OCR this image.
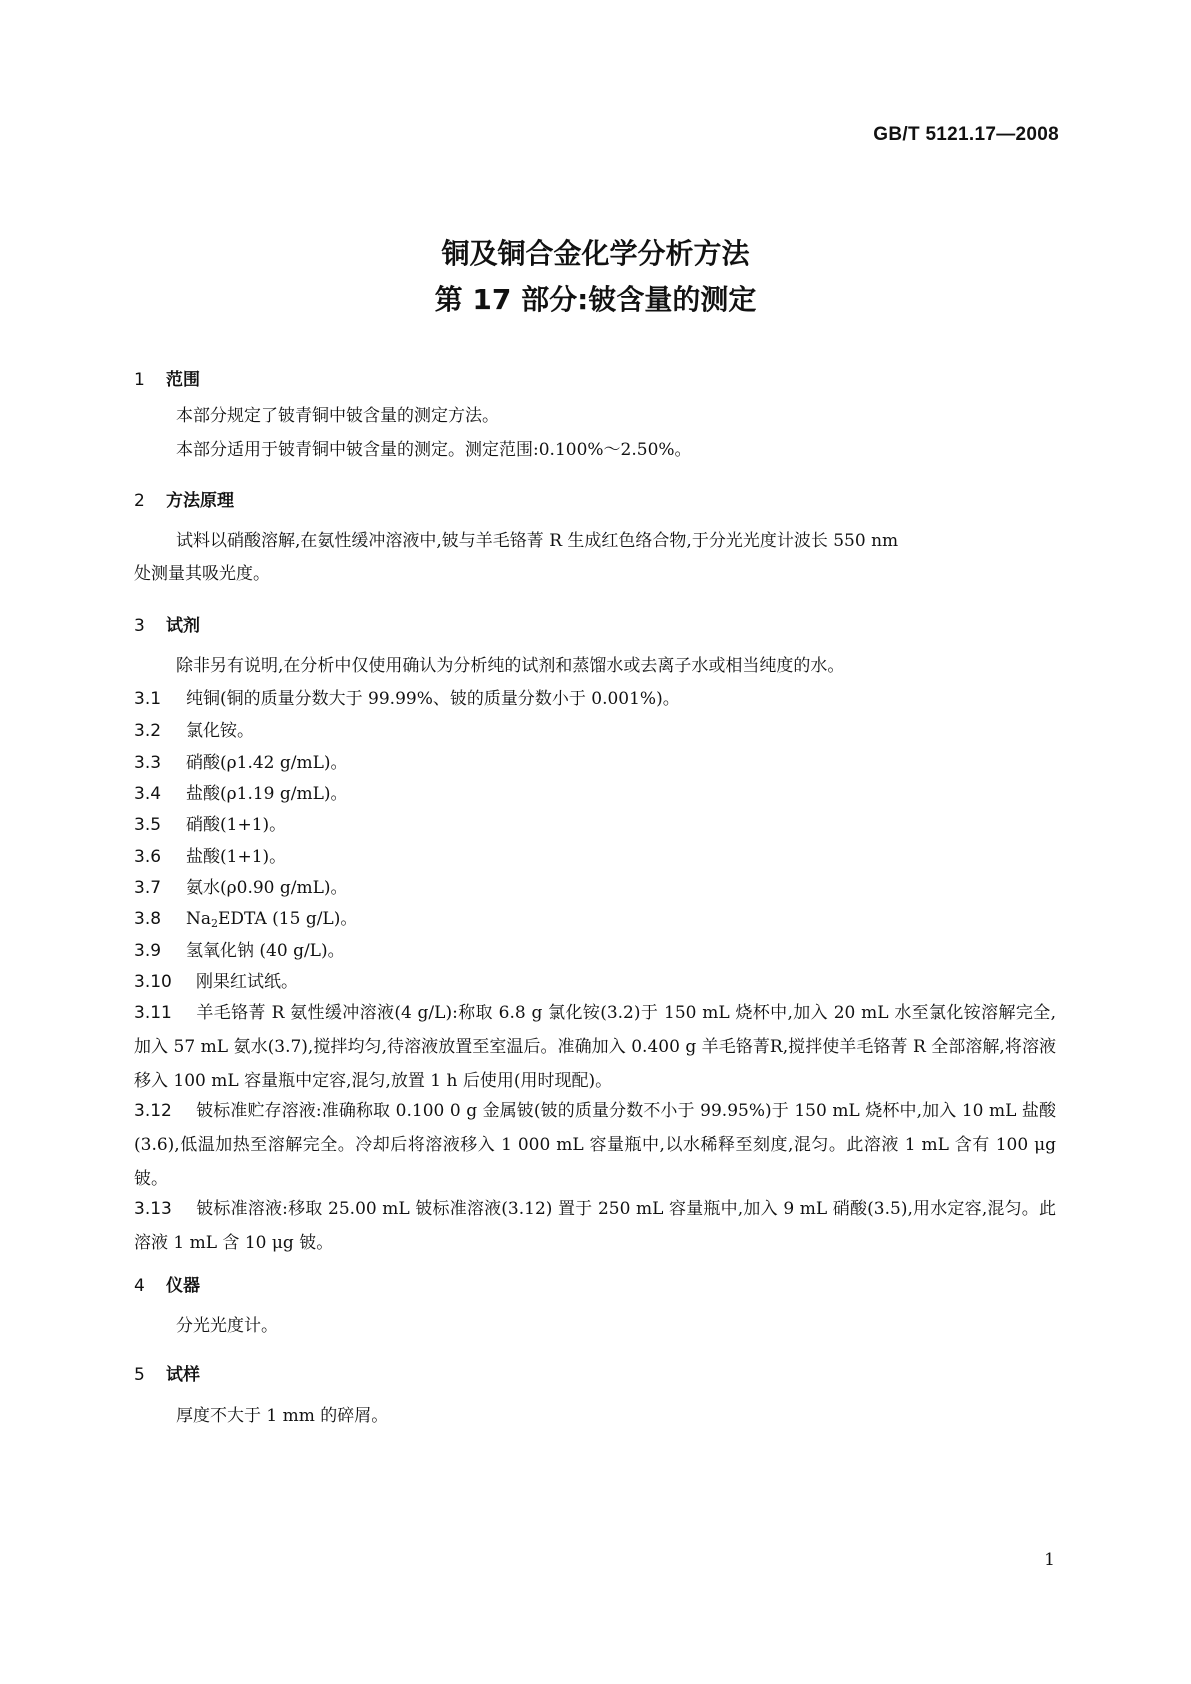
GB/T 5121.17—2008
铜及铜合金化学分析方法
第 17 部分:铍含量的测定
1 范围
本部分规定了铍青铜中铍含量的测定方法。
本部分适用于铍青铜中铍含量的测定。测定范围:0.100%～2.50%。
2 方法原理
试料以硝酸溶解,在氨性缓冲溶液中,铍与羊毛铬菁 R 生成红色络合物,于分光光度计波长 550 nm
处测量其吸光度。
3 试剂
除非另有说明,在分析中仅使用确认为分析纯的试剂和蒸馏水或去离子水或相当纯度的水。
3.1 纯铜(铜的质量分数大于 99.99%、铍的质量分数小于 0.001%)。
3.2 氯化铵。
3.3 硝酸(ρ1.42 g/mL)。
3.4 盐酸(ρ1.19 g/mL)。
3.5 硝酸(1+1)。
3.6 盐酸(1+1)。
3.7 氨水(ρ0.90 g/mL)。
3.8 $Na_2EDTA$ (15 g/L)。
3.9 氢氧化钠 (40 g/L)。
3.10 刚果红试纸。
3.11 羊毛铬菁 R 氨性缓冲溶液(4 g/L):称取 6.8 g 氯化铵(3.2)于 150 mL 烧杯中,加入 20 mL 水至氯化铵溶解完全,加入 57 mL 氨水(3.7),搅拌均匀,待溶液放置至室温后。准确加入 0.400 g 羊毛铬菁R,搅拌使羊毛铬菁 R 全部溶解,将溶液移入 100 mL 容量瓶中定容,混匀,放置 1 h 后使用(用时现配)。
3.12 铍标准贮存溶液:准确称取 0.100 0 g 金属铍(铍的质量分数不小于 99.95%)于 150 mL 烧杯中,加入 10 mL 盐酸(3.6),低温加热至溶解完全。冷却后将溶液移入 1 000 mL 容量瓶中,以水稀释至刻度,混匀。此溶液 1 mL 含有 100 μg 铍。
3.13 铍标准溶液:移取 25.00 mL 铍标准溶液(3.12) 置于 250 mL 容量瓶中,加入 9 mL 硝酸(3.5),用水定容,混匀。此溶液 1 mL 含 10 μg 铍。
4 仪器
分光光度计。
5 试样
厚度不大于 1 mm 的碎屑。
1
